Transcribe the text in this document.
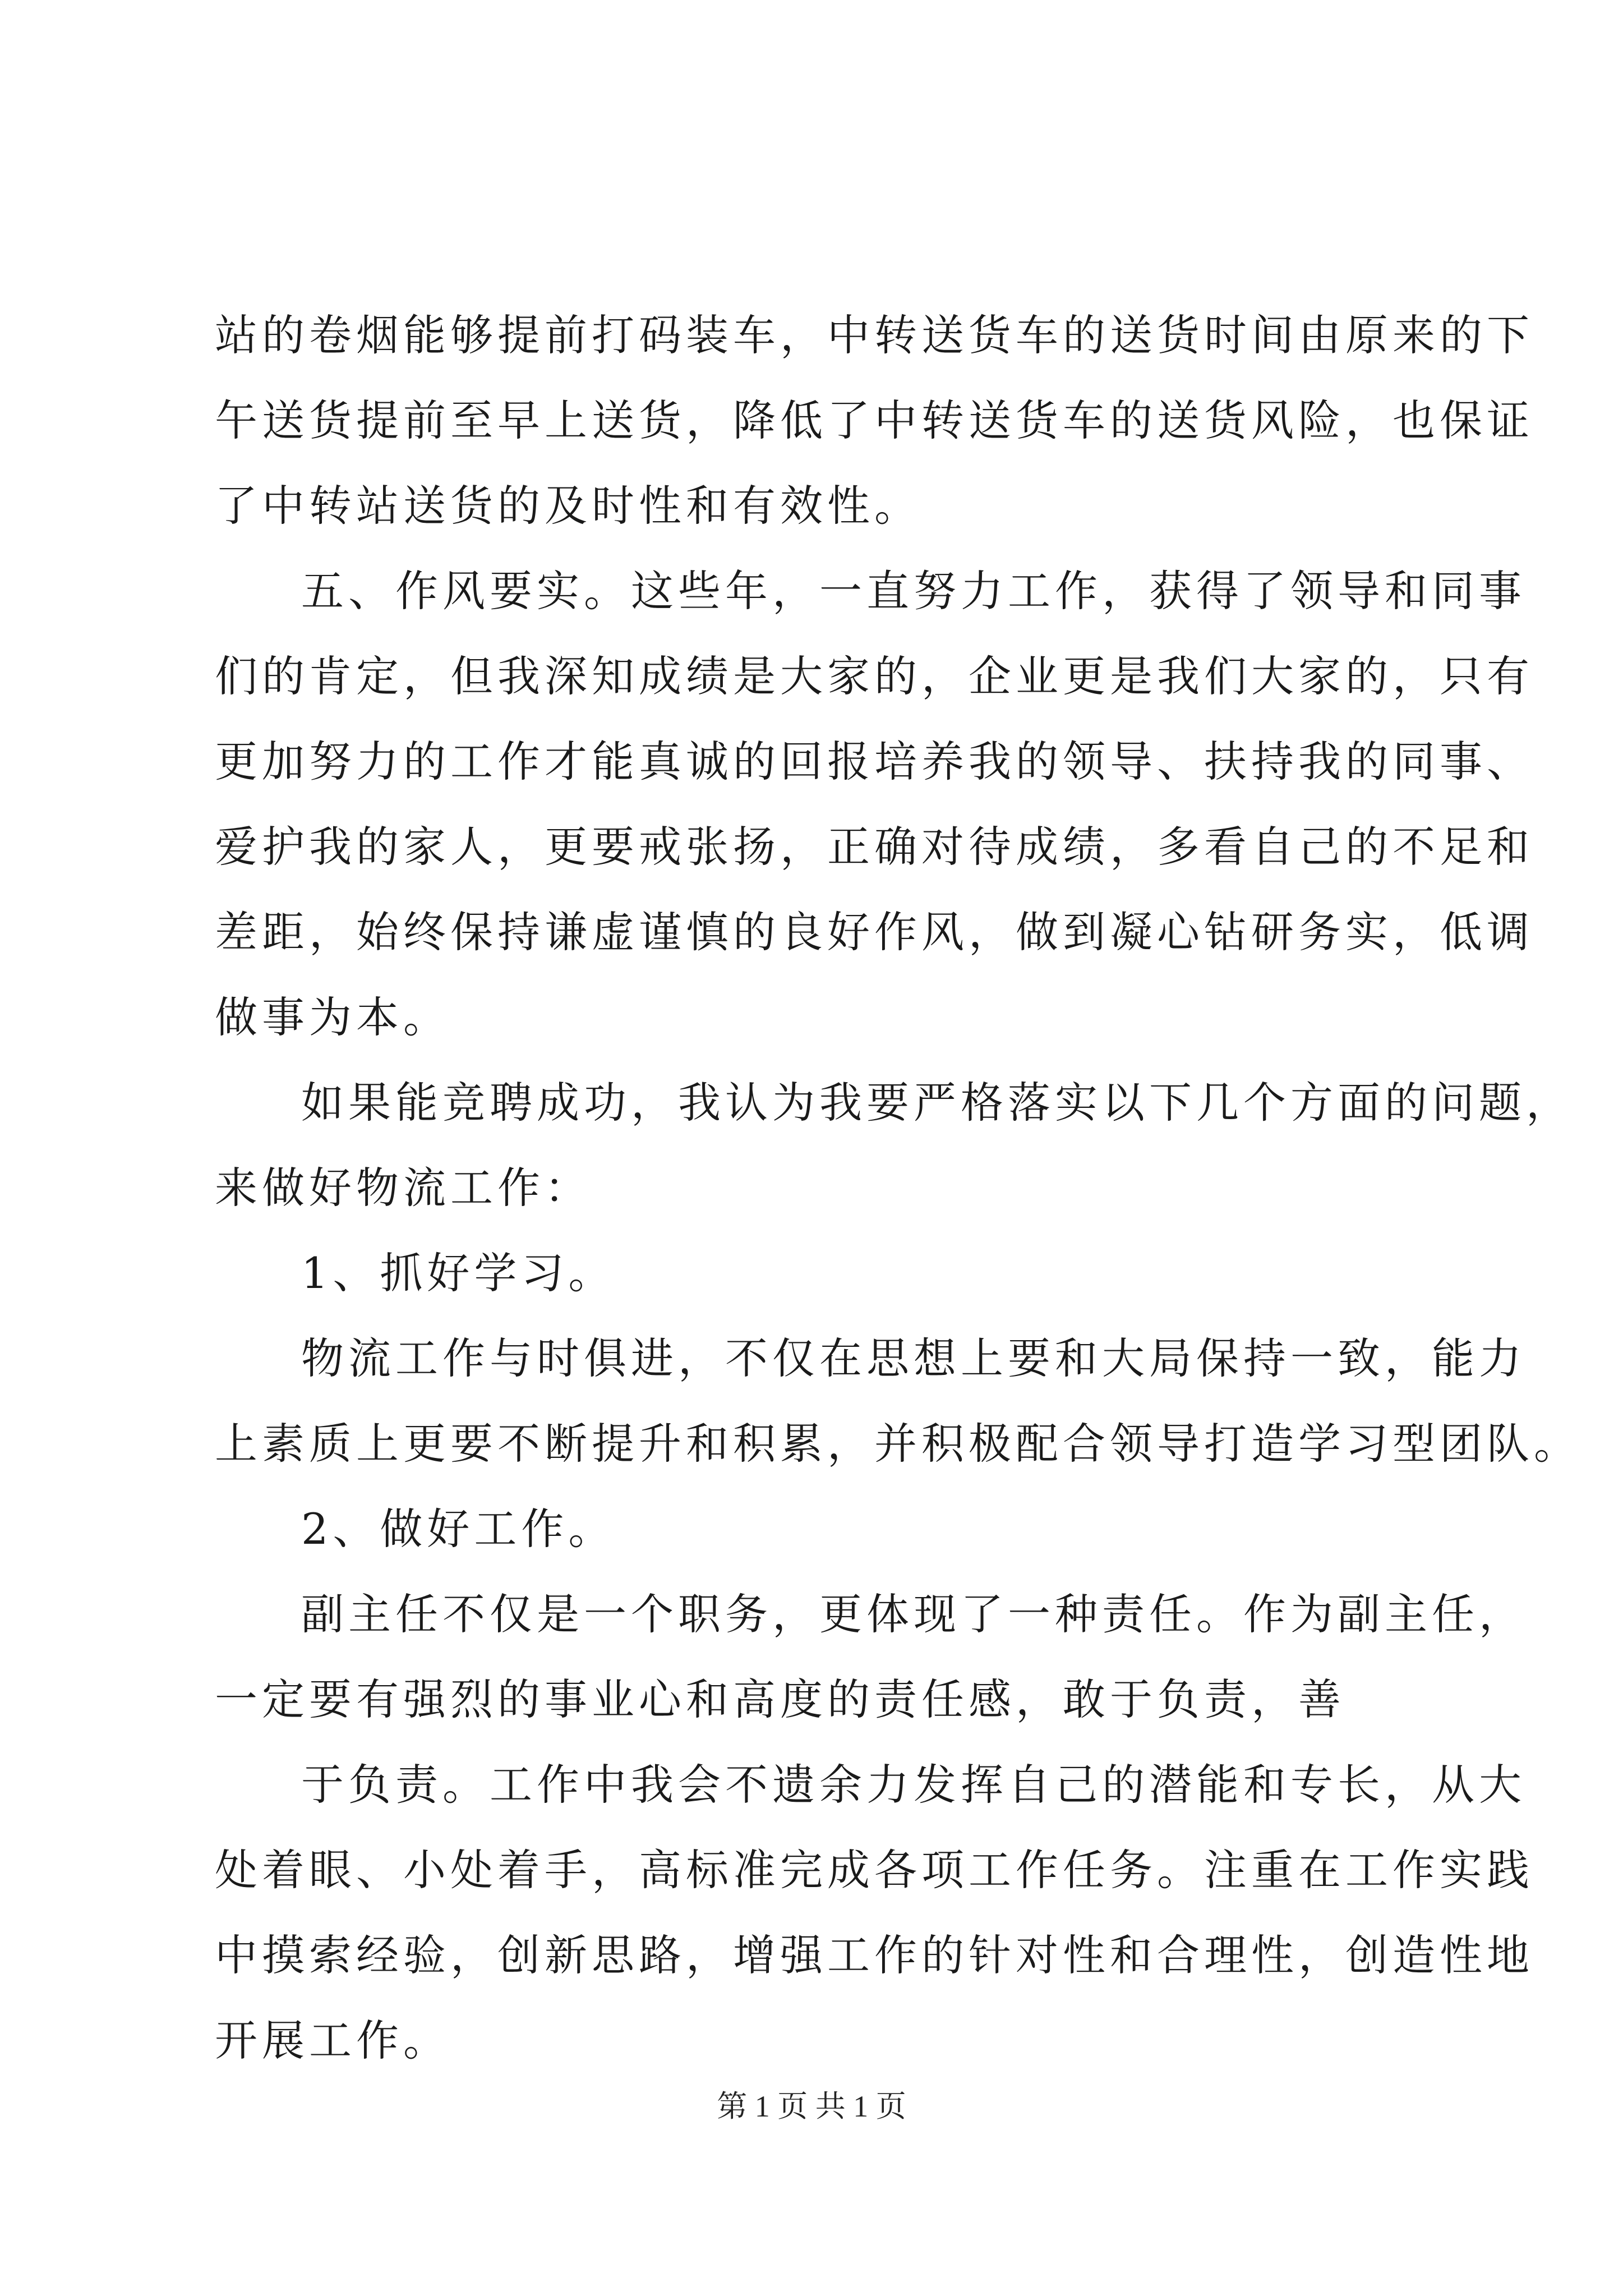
站的卷烟能够提前打码装车，中转送货车的送货时间由原来的下
午送货提前至早上送货，降低了中转送货车的送货风险，也保证
了中转站送货的及时性和有效性。
五、作风要实。这些年，一直努力工作，获得了领导和同事
们的肯定，但我深知成绩是大家的，企业更是我们大家的，只有
更加努力的工作才能真诚的回报培养我的领导、扶持我的同事、
爱护我的家人，更要戒张扬，正确对待成绩，多看自己的不足和
差距，始终保持谦虚谨慎的良好作风，做到凝心钻研务实，低调
做事为本。
如果能竞聘成功，我认为我要严格落实以下几个方面的问题，
来做好物流工作：
1、抓好学习。
物流工作与时俱进，不仅在思想上要和大局保持一致，能力
上素质上更要不断提升和积累，并积极配合领导打造学习型团队。
2、做好工作。
副主任不仅是一个职务，更体现了一种责任。作为副主任，
一定要有强烈的事业心和高度的责任感，敢于负责，善
于负责。工作中我会不遗余力发挥自己的潜能和专长，从大
处着眼、小处着手，高标准完成各项工作任务。注重在工作实践
中摸索经验，创新思路，增强工作的针对性和合理性，创造性地
开展工作。
第 1 页 共 1 页
